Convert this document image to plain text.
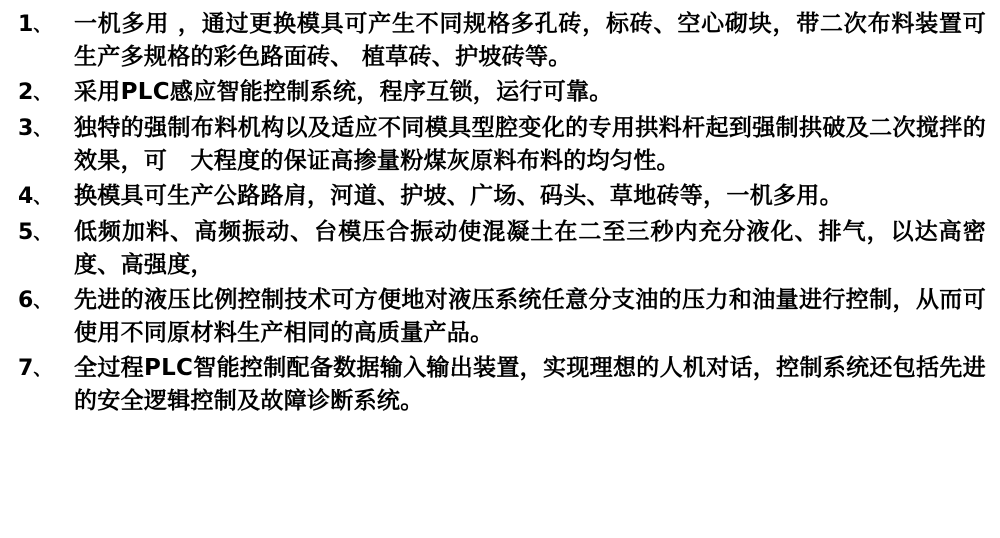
1、 一机多用 ，通过更换模具可产生不同规格多孔砖，标砖、空心砌块，带二次布料装置可生产多规格的彩色路面砖、 植草砖、护坡砖等。
2、 采用PLC感应智能控制系统，程序互锁，运行可靠。
3、 独特的强制布料机构以及适应不同模具型腔变化的专用拱料杆起到强制拱破及二次搅拌的效果，可　大程度的保证高掺量粉煤灰原料布料的均匀性。
4、 换模具可生产公路路肩，河道、护坡、广场、码头、草地砖等，一机多用。
5、 低频加料、高频振动、台模压合振动使混凝土在二至三秒内充分液化、排气，以达高密度、高强度，
6、 先进的液压比例控制技术可方便地对液压系统任意分支油的压力和油量进行控制，从而可使用不同原材料生产相同的高质量产品。
7、 全过程PLC智能控制配备数据输入输出装置，实现理想的人机对话，控制系统还包括先进的安全逻辑控制及故障诊断系统。
